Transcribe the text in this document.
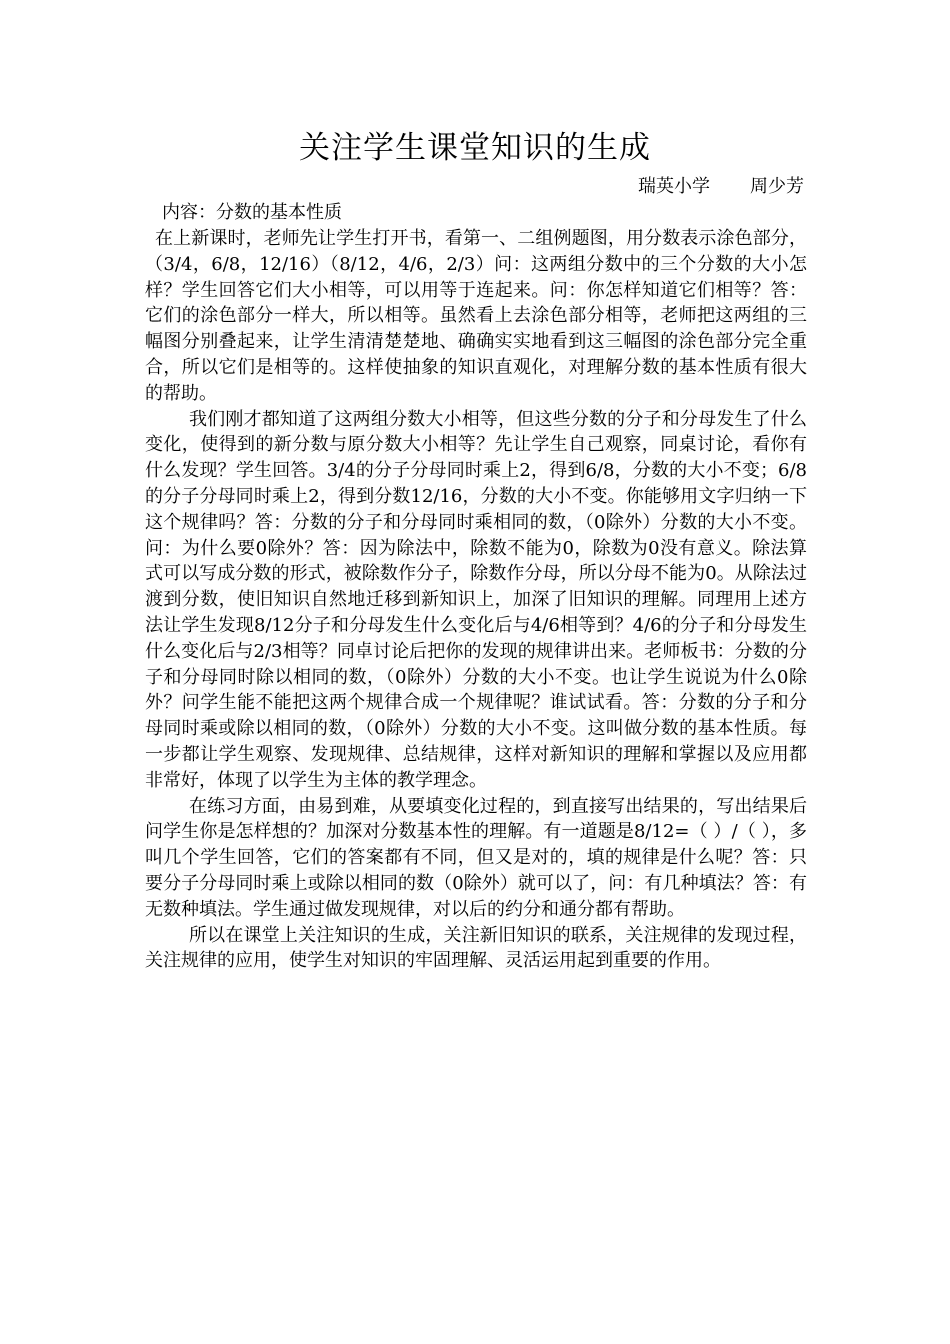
关注学生课堂知识的生成
瑞英小学 周少芳
内容：分数的基本性质

在上新课时，老师先让学生打开书，看第一、二组例题图，用分数表示涂色部分，（3/4，6/8，12/16）（8/12，4/6，2/3）问：这两组分数中的三个分数的大小怎样？学生回答它们大小相等，可以用等于连起来。问：你怎样知道它们相等？答：它们的涂色部分一样大，所以相等。虽然看上去涂色部分相等，老师把这两组的三幅图分别叠起来，让学生清清楚楚地、确确实实地看到这三幅图的涂色部分完全重合，所以它们是相等的。这样使抽象的知识直观化，对理解分数的基本性质有很大的帮助。

我们刚才都知道了这两组分数大小相等，但这些分数的分子和分母发生了什么变化，使得到的新分数与原分数大小相等？先让学生自己观察，同桌讨论，看你有什么发现？学生回答。3/4的分子分母同时乘上2，得到6/8，分数的大小不变；6/8的分子分母同时乘上2，得到分数12/16，分数的大小不变。你能够用文字归纳一下这个规律吗？答：分数的分子和分母同时乘相同的数，（0除外）分数的大小不变。问：为什么要0除外？答：因为除法中，除数不能为0，除数为0没有意义。除法算式可以写成分数的形式，被除数作分子，除数作分母，所以分母不能为0。从除法过渡到分数，使旧知识自然地迁移到新知识上，加深了旧知识的理解。同理用上述方法让学生发现8/12分子和分母发生什么变化后与4/6相等到？4/6的分子和分母发生什么变化后与2/3相等？同卓讨论后把你的发现的规律讲出来。老师板书：分数的分子和分母同时除以相同的数，（0除外）分数的大小不变。也让学生说说为什么0除外？问学生能不能把这两个规律合成一个规律呢？谁试试看。答：分数的分子和分母同时乘或除以相同的数，（0除外）分数的大小不变。这叫做分数的基本性质。每一步都让学生观察、发现规律、总结规律，这样对新知识的理解和掌握以及应用都非常好，体现了以学生为主体的教学理念。

在练习方面，由易到难，从要填变化过程的，到直接写出结果的，写出结果后问学生你是怎样想的？加深对分数基本性的理解。有一道题是8/12=（ ）/（ ），多叫几个学生回答，它们的答案都有不同，但又是对的，填的规律是什么呢？答：只要分子分母同时乘上或除以相同的数（0除外）就可以了，问：有几种填法？答：有无数种填法。学生通过做发现规律，对以后的约分和通分都有帮助。

所以在课堂上关注知识的生成，关注新旧知识的联系，关注规律的发现过程，关注规律的应用，使学生对知识的牢固理解、灵活运用起到重要的作用。
